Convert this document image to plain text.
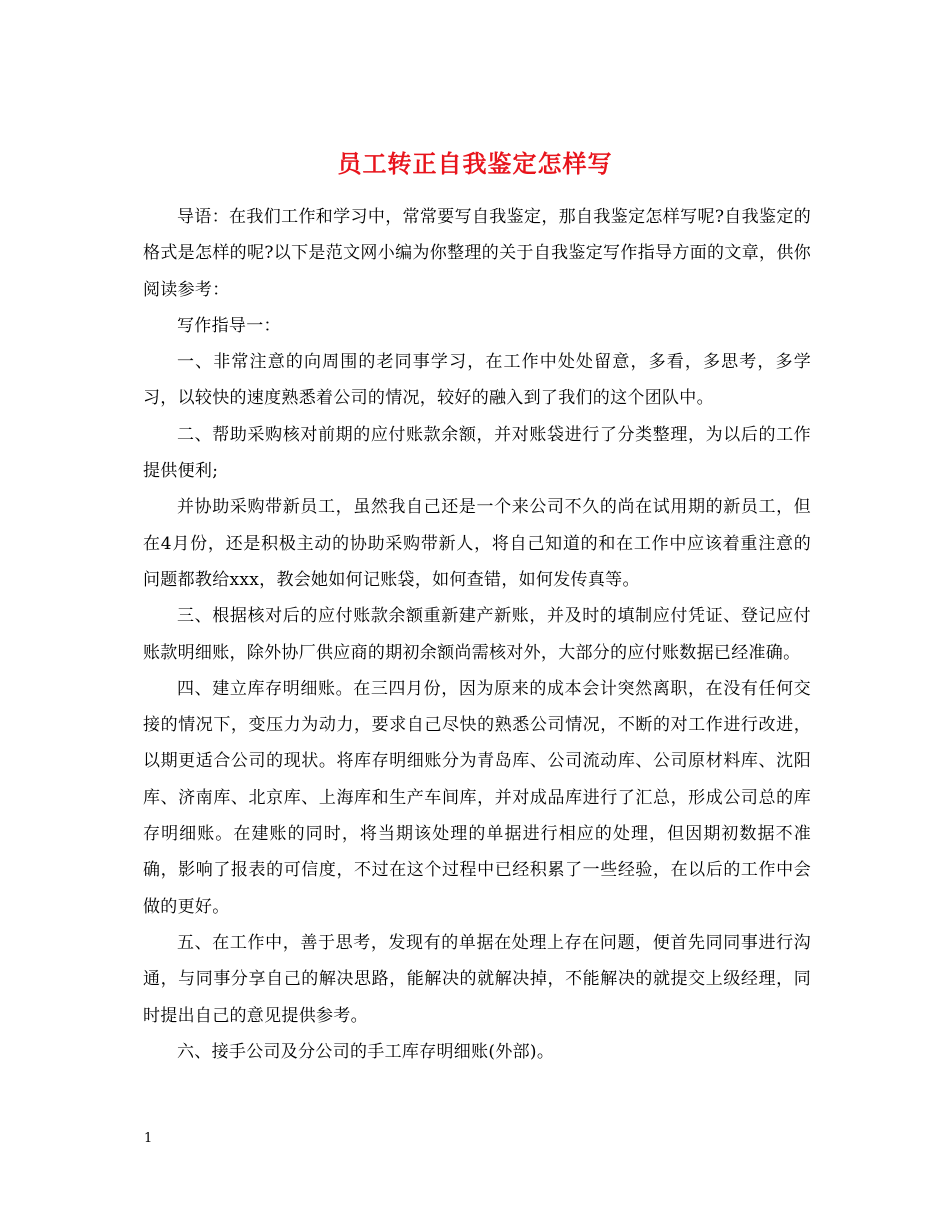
员工转正自我鉴定怎样写

导语：在我们工作和学习中，常常要写自我鉴定，那自我鉴定怎样写呢?自我鉴定的格式是怎样的呢?以下是范文网小编为你整理的关于自我鉴定写作指导方面的文章，供你阅读参考：

写作指导一：

一、非常注意的向周围的老同事学习，在工作中处处留意，多看，多思考，多学习，以较快的速度熟悉着公司的情况，较好的融入到了我们的这个团队中。

二、帮助采购核对前期的应付账款余额，并对账袋进行了分类整理，为以后的工作提供便利;

并协助采购带新员工，虽然我自己还是一个来公司不久的尚在试用期的新员工，但在4月份，还是积极主动的协助采购带新人，将自己知道的和在工作中应该着重注意的问题都教给xxx，教会她如何记账袋，如何查错，如何发传真等。

三、根据核对后的应付账款余额重新建产新账，并及时的填制应付凭证、登记应付账款明细账，除外协厂供应商的期初余额尚需核对外，大部分的应付账数据已经准确。

四、建立库存明细账。在三四月份，因为原来的成本会计突然离职，在没有任何交接的情况下，变压力为动力，要求自己尽快的熟悉公司情况，不断的对工作进行改进，以期更适合公司的现状。将库存明细账分为青岛库、公司流动库、公司原材料库、沈阳库、济南库、北京库、上海库和生产车间库，并对成品库进行了汇总，形成公司总的库存明细账。在建账的同时，将当期该处理的单据进行相应的处理，但因期初数据不准确，影响了报表的可信度，不过在这个过程中已经积累了一些经验，在以后的工作中会做的更好。

五、在工作中，善于思考，发现有的单据在处理上存在问题，便首先同同事进行沟通，与同事分享自己的解决思路，能解决的就解决掉，不能解决的就提交上级经理，同时提出自己的意见提供参考。

六、接手公司及分公司的手工库存明细账(外部)。

1
